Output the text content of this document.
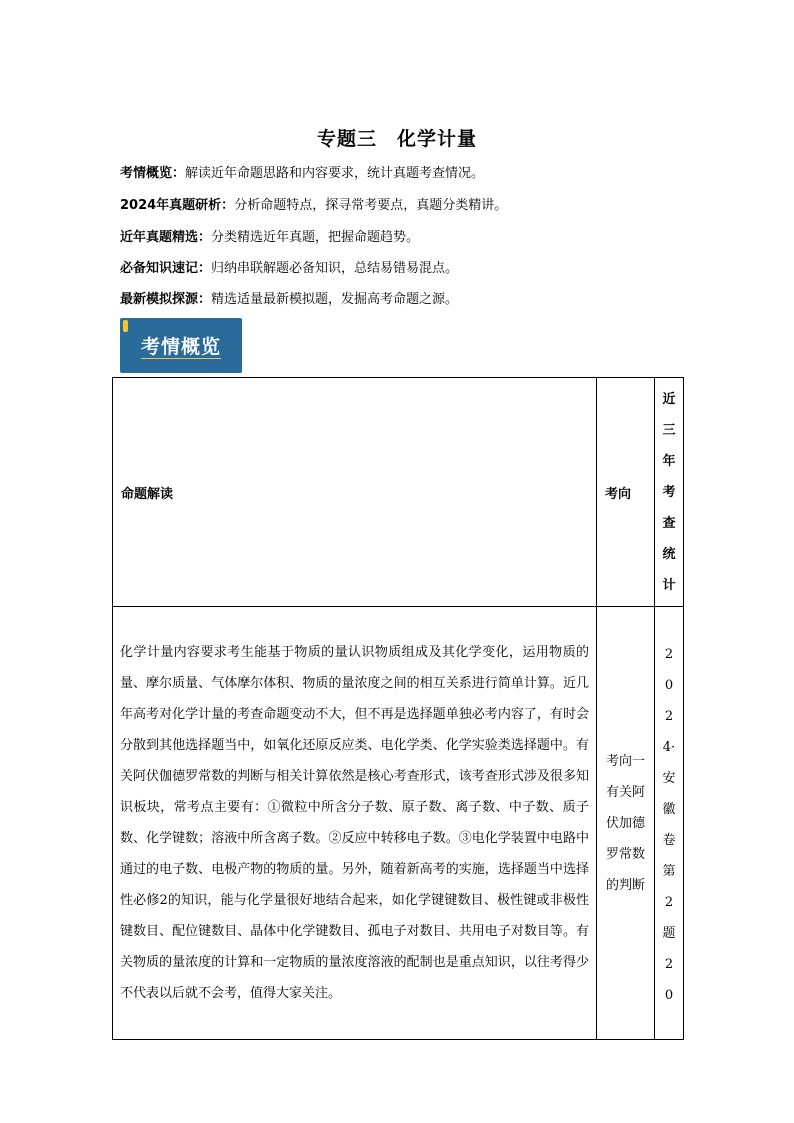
专题三　化学计量
考情概览：解读近年命题思路和内容要求，统计真题考查情况。
2024年真题研析：分析命题特点，探寻常考要点，真题分类精讲。
近年真题精选：分类精选近年真题，把握命题趋势。
必备知识速记：归纳串联解题必备知识，总结易错易混点。
最新模拟探源：精选适量最新模拟题，发掘高考命题之源。
考情概览
命题解读	考向	近三年考查统计
化学计量内容要求考生能基于物质的量认识物质组成及其化学变化，运用物质的量、摩尔质量、气体摩尔体积、物质的量浓度之间的相互关系进行简单计算。近几年高考对化学计量的考查命题变动不大，但不再是选择题单独必考内容了，有时会分散到其他选择题当中，如氧化还原反应类、电化学类、化学实验类选择题中。有关阿伏伽德罗常数的判断与相关计算依然是核心考查形式，该考查形式涉及很多知识板块，常考点主要有：①微粒中所含分子数、原子数、离子数、中子数、质子数、化学键数；溶液中所含离子数。②反应中转移电子数。③电化学装置中电路中通过的电子数、电极产物的物质的量。另外，随着新高考的实施，选择题当中选择性必修2的知识，能与化学量很好地结合起来，如化学键键数目、极性键或非极性键数目、配位键数目、晶体中化学键数目、孤电子对数目、共用电子对数目等。有关物质的量浓度的计算和一定物质的量浓度溶液的配制也是重点知识，以往考得少不代表以后就不会考，值得大家关注。	考向一有关阿伏加德罗常数的判断	2024·安徽卷第2题20
